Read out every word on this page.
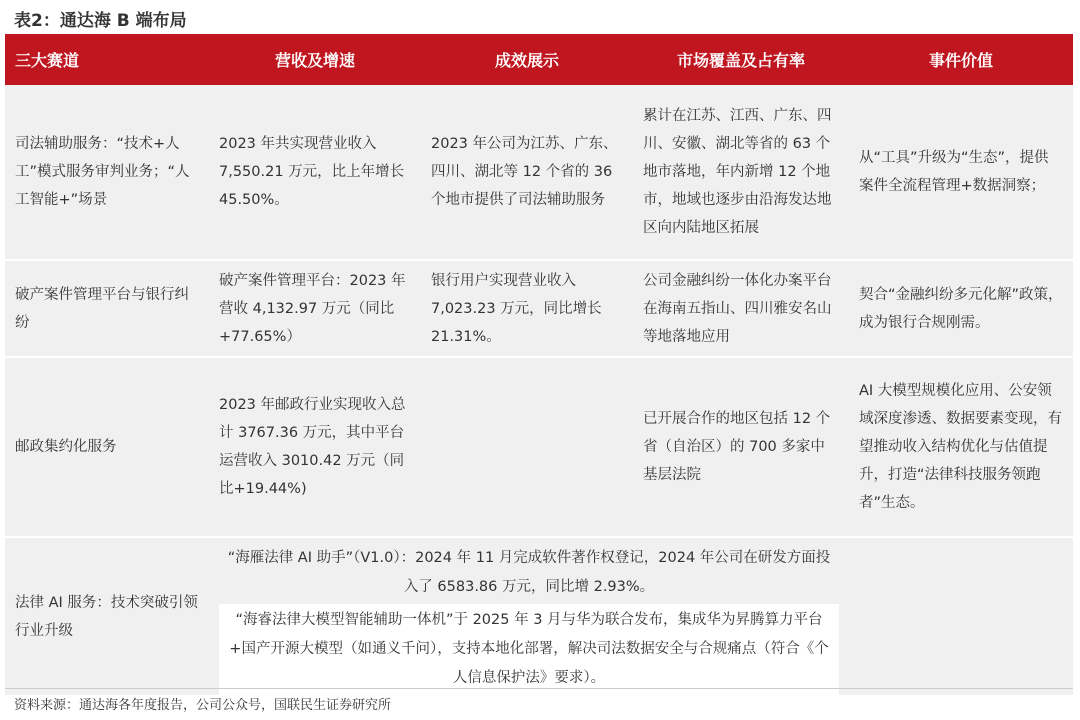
表2：通达海 B 端布局
三大赛道	营收及增速	成效展示	市场覆盖及占有率	事件价值
司法辅助服务：“技术+人工”模式服务审判业务；“人工智能+”场景	2023 年共实现营业收入 7,550.21 万元，比上年增长 45.50%。	2023 年公司为江苏、广东、四川、湖北等 12 个省的 36 个地市提供了司法辅助服务	累计在江苏、江西、广东、四川、安徽、湖北等省的 63 个地市落地，年内新增 12 个地市，地域也逐步由沿海发达地区向内陆地区拓展	从“工具”升级为“生态”，提供案件全流程管理+数据洞察；
破产案件管理平台与银行纠纷	破产案件管理平台：2023 年营收 4,132.97 万元（同比+77.65%）	银行用户实现营业收入 7,023.23 万元，同比增长 21.31%。	公司金融纠纷一体化办案平台在海南五指山、四川雅安名山等地落地应用	契合“金融纠纷多元化解”政策，成为银行合规刚需。
邮政集约化服务	2023 年邮政行业实现收入总计 3767.36 万元，其中平台运营收入 3010.42 万元（同比+19.44%)		已开展合作的地区包括 12 个省（自治区）的 700 多家中基层法院	AI 大模型规模化应用、公安领域深度渗透、数据要素变现，有望推动收入结构优化与估值提升，打造“法律科技服务领跑者”生态。
法律 AI 服务：技术突破引领行业升级	“海雁法律 AI 助手”（V1.0）：2024 年 11 月完成软件著作权登记，2024 年公司在研发方面投入了 6583.86 万元，同比增 2.93%。
“海睿法律大模型智能辅助一体机”于 2025 年 3 月与华为联合发布，集成华为昇腾算力平台+国产开源大模型（如通义千问），支持本地化部署，解决司法数据安全与合规痛点（符合《个人信息保护法》要求）。			

资料来源：通达海各年度报告，公司公众号，国联民生证券研究所
